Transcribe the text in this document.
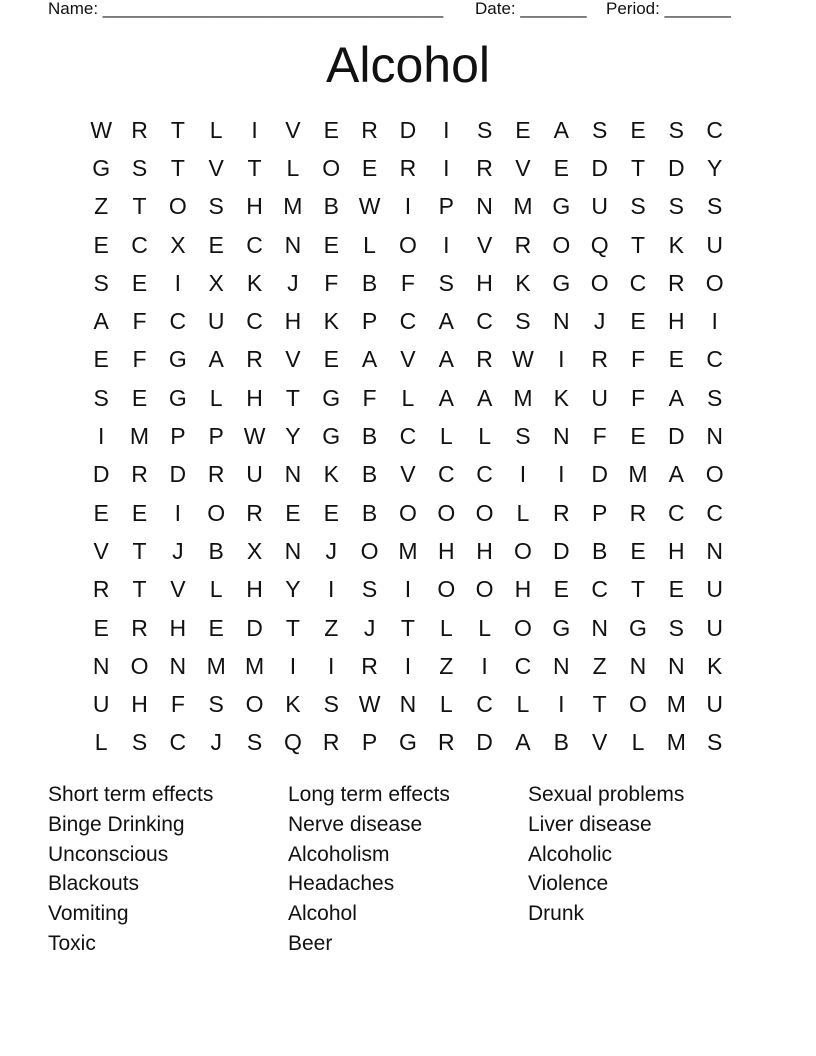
Name: ____________________________________ Date: _______ Period: _______
Alcohol
W R	T	L	I	V	E R D	I	S	E	A	S	E	S C
G S	T	V	T	L	O E R	I	R V	E D	T	D Y
Z	T O S H M B W	I	P N M G U S	S	S
E C X	E C N E	L	O	I	V R O Q T	K U
S	E	I	X	K	J	F	B	F	S H K G O C R O
A	F	C U C H K	P C A C S N	J	E H	I
E	F G A R V	E	A	V	A R W	I	R	F	E C
S	E G	L	H	T G F	L	A	A M K U	F	A	S
I	M P	P W Y G B C	L	L	S N	F	E D N
D R D R U N K	B	V C C	I	I	D M A O
E	E	I	O R E	E	B O O O	L	R P R C C
V	T	J	B	X N	J	O M H H O D B	E H N
R	T	V	L	H Y	I	S	I	O O H E C	T	E U
E R H E D	T	Z	J	T	L	L	O G N G S U
N O N M M	I	I	R	I	Z	I	C N	Z	N N K
U H	F	S O K	S W N	L	C	L	I	T O M U
L	S C	J	S Q R P G R D A	B	V	L M S
Short term effects
Binge Drinking
Unconscious
Blackouts
Vomiting
Toxic
Long term effects
Nerve disease
Alcoholism
Headaches
Alcohol
Beer
Sexual problems
Liver disease
Alcoholic
Violence
Drunk
